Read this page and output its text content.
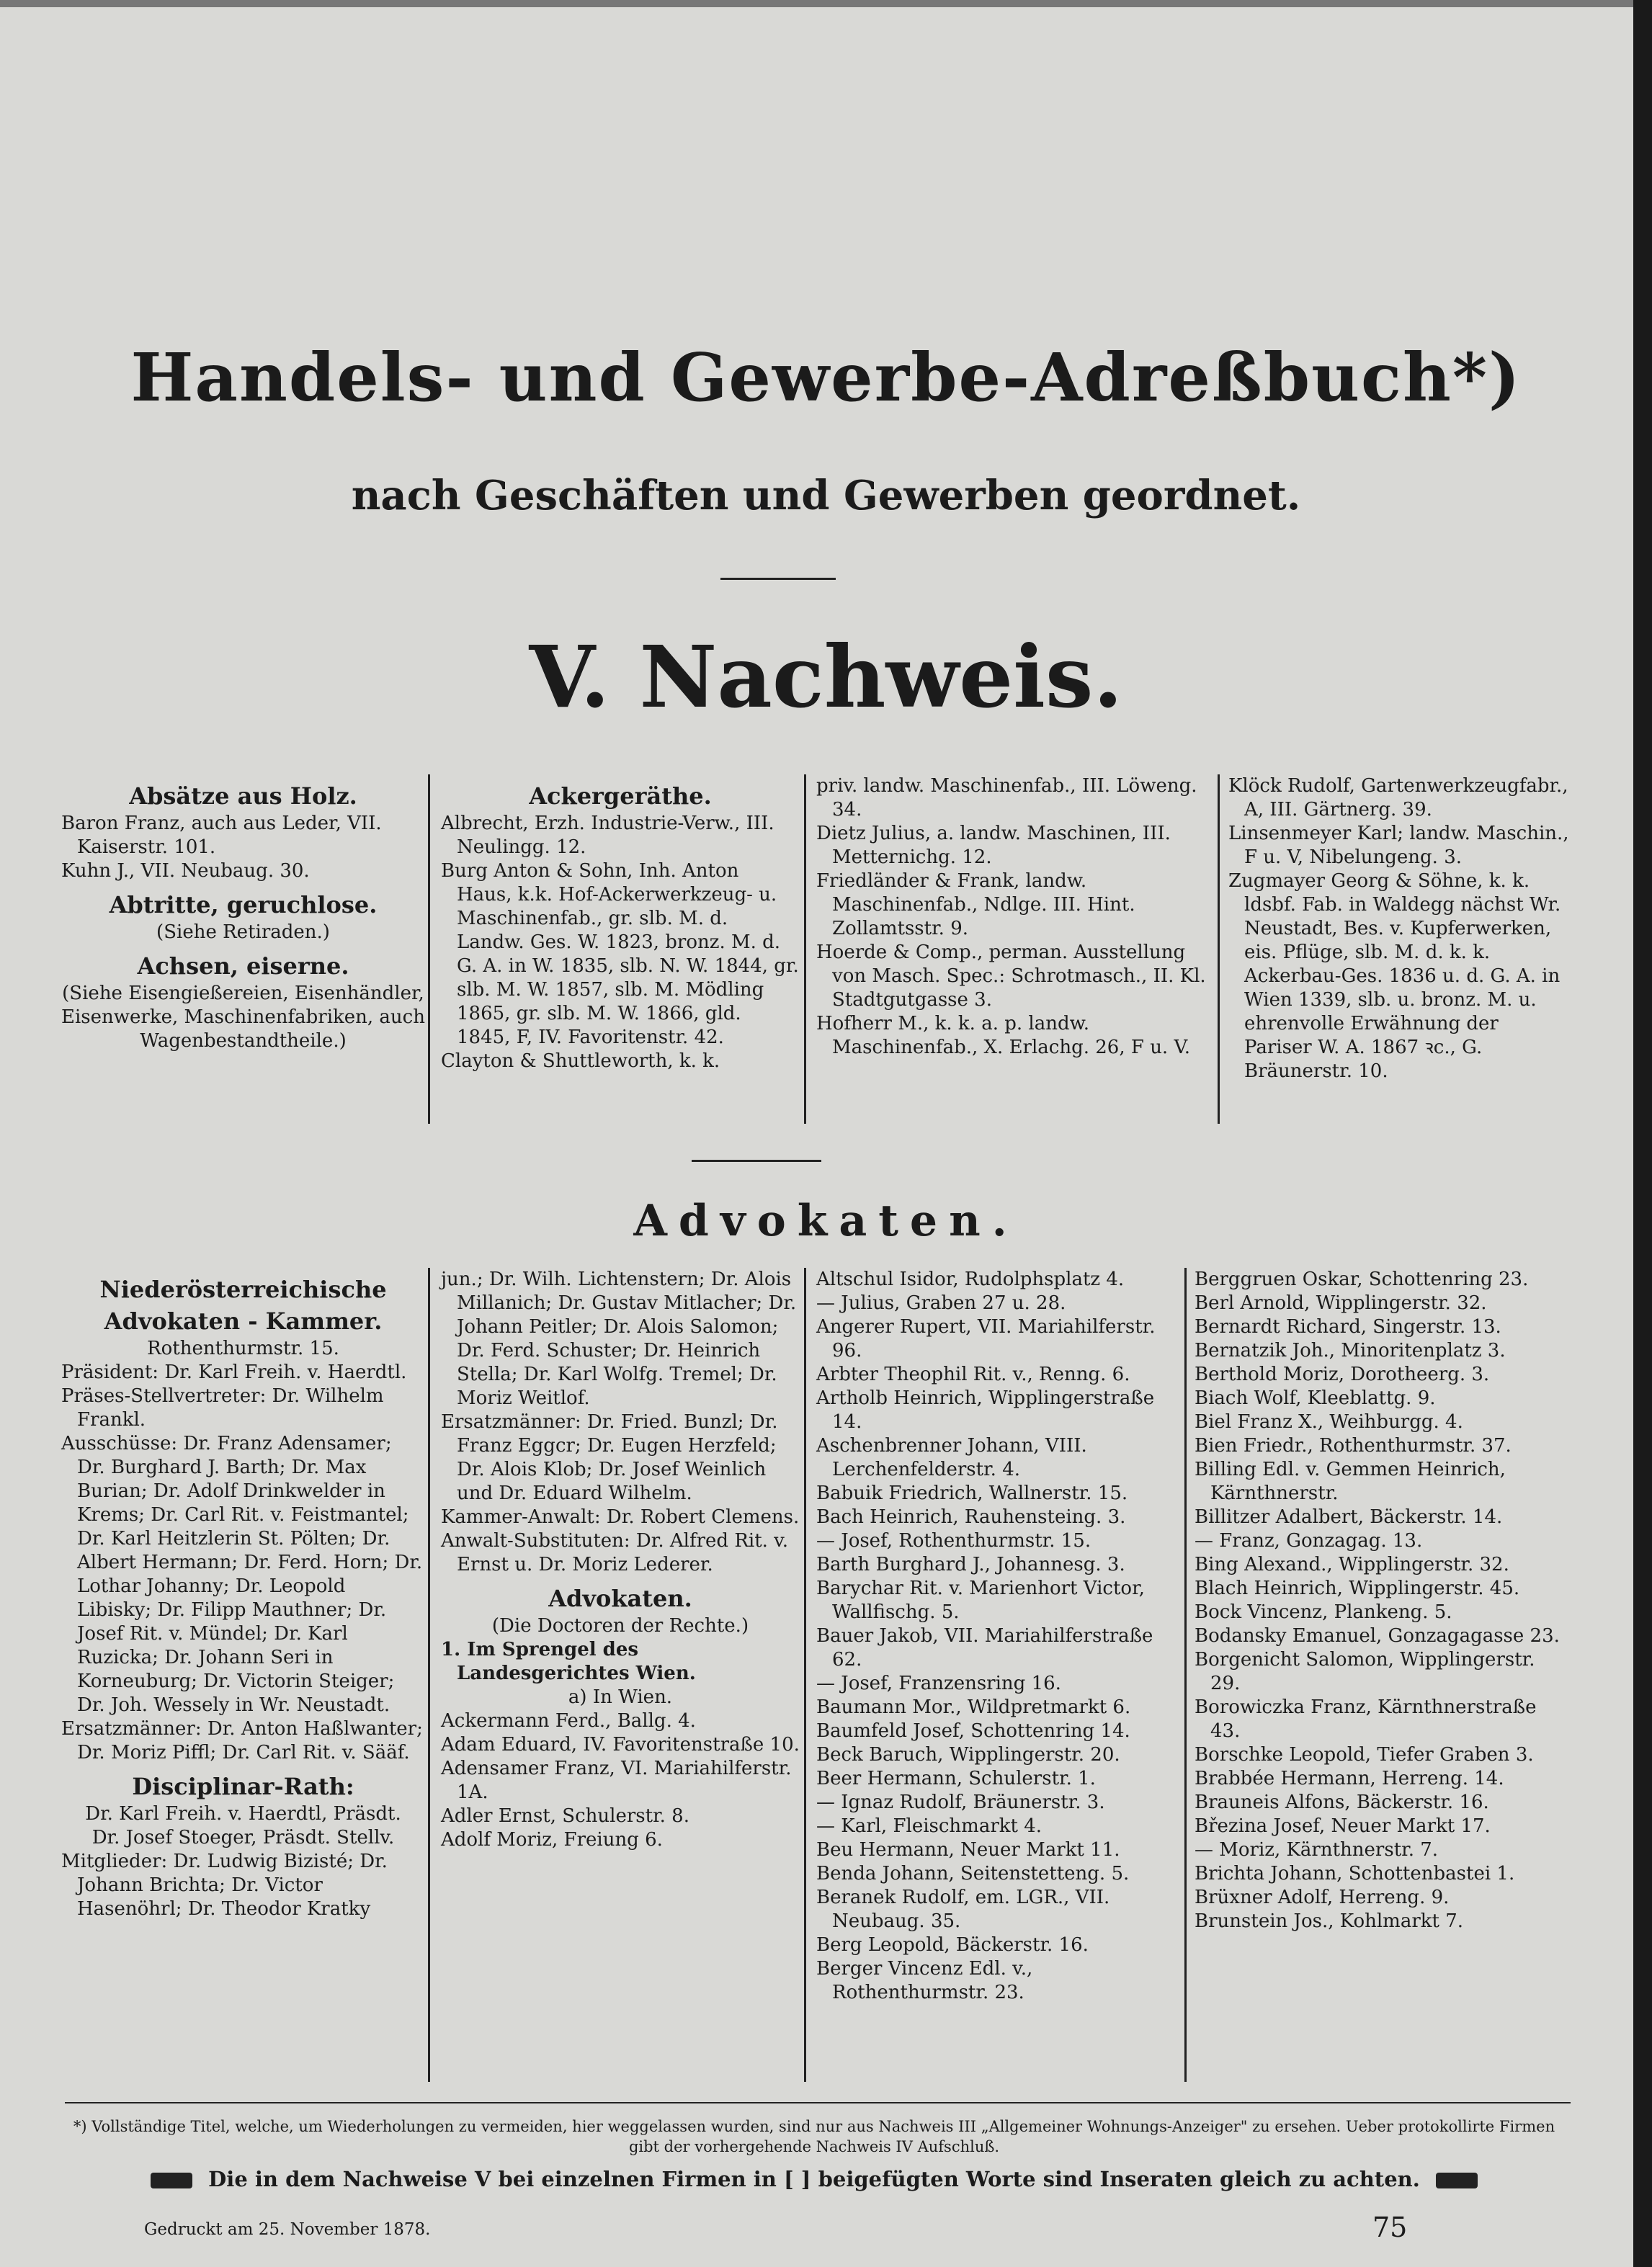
Handels- und Gewerbe-Adreßbuch*)
nach Geschäften und Gewerben geordnet.
V. Nachweis.

Absätze aus Holz.

Baron Franz, auch aus Leder, VII. Kaiserstr. 101.

Kuhn J., VII. Neubaug. 30.

Abtritte, geruchlose.

(Siehe Retiraden.)

Achsen, eiserne.

(Siehe Eisengießereien, Eisenhändler, Eisenwerke, Maschinenfabriken, auch Wagenbestandtheile.)

Ackergeräthe.

Albrecht, Erzh. Industrie-Verw., III. Neulingg. 12.

Burg Anton & Sohn, Inh. Anton Haus, k.k. Hof-Ackerwerkzeug- u. Maschinenfab., gr. slb. M. d. Landw. Ges. W. 1823, bronz. M. d. G. A. in W. 1835, slb. N. W. 1844, gr. slb. M. W. 1857, slb. M. Mödling 1865, gr. slb. M. W. 1866, gld. 1845, F, IV. Favoritenstr. 42.

Clayton & Shuttleworth, k. k.

priv. landw. Maschinenfab., III. Löweng. 34.

Dietz Julius, a. landw. Maschinen, III. Metternichg. 12.

Friedländer & Frank, landw. Maschinenfab., Ndlge. III. Hint. Zollamtsstr. 9.

Hoerde & Comp., perman. Ausstellung von Masch. Spec.: Schrotmasch., II. Kl. Stadtgutgasse 3.

Hofherr M., k. k. a. p. landw. Maschinenfab., X. Erlachg. 26, F u. V.

Klöck Rudolf, Gartenwerkzeugfabr., A, III. Gärtnerg. 39.

Linsenmeyer Karl; landw. Maschin., F u. V, Nibelungeng. 3.

Zugmayer Georg & Söhne, k. k. ldsbf. Fab. in Waldegg nächst Wr. Neustadt, Bes. v. Kupferwerken, eis. Pflüge, slb. M. d. k. k. Ackerbau-Ges. 1836 u. d. G. A. in Wien 1339, slb. u. bronz. M. u. ehrenvolle Erwähnung der Pariser W. A. 1867 ꝛc., G. Bräunerstr. 10.

Advokaten.

Niederösterreichische Advokaten - Kammer.

Rothenthurmstr. 15.

Präsident: Dr. Karl Freih. v. Haerdtl.

Präses-Stellvertreter: Dr. Wilhelm Frankl.

Ausschüsse: Dr. Franz Adensamer; Dr. Burghard J. Barth; Dr. Max Burian; Dr. Adolf Drinkwelder in Krems; Dr. Carl Rit. v. Feistmantel; Dr. Karl Heitzlerin St. Pölten; Dr. Albert Hermann; Dr. Ferd. Horn; Dr. Lothar Johanny; Dr. Leopold Libisky; Dr. Filipp Mauthner; Dr. Josef Rit. v. Mündel; Dr. Karl Ruzicka; Dr. Johann Seri in Korneuburg; Dr. Victorin Steiger; Dr. Joh. Wessely in Wr. Neustadt.

Ersatzmänner: Dr. Anton Haßlwanter; Dr. Moriz Piffl; Dr. Carl Rit. v. Sääf.

Disciplinar-Rath:

Dr. Karl Freih. v. Haerdtl, Präsdt.

Dr. Josef Stoeger, Präsdt. Stellv.

Mitglieder: Dr. Ludwig Bizisté; Dr. Johann Brichta; Dr. Victor Hasenöhrl; Dr. Theodor Kratky

jun.; Dr. Wilh. Lichtenstern; Dr. Alois Millanich; Dr. Gustav Mitlacher; Dr. Johann Peitler; Dr. Alois Salomon; Dr. Ferd. Schuster; Dr. Heinrich Stella; Dr. Karl Wolfg. Tremel; Dr. Moriz Weitlof.

Ersatzmänner: Dr. Fried. Bunzl; Dr. Franz Eggcr; Dr. Eugen Herzfeld; Dr. Alois Klob; Dr. Josef Weinlich und Dr. Eduard Wilhelm.

Kammer-Anwalt: Dr. Robert Clemens.

Anwalt-Substituten: Dr. Alfred Rit. v. Ernst u. Dr. Moriz Lederer.

Advokaten.

(Die Doctoren der Rechte.)

1. Im Sprengel des Landesgerichtes Wien.

a) In Wien.

Ackermann Ferd., Ballg. 4.

Adam Eduard, IV. Favoritenstraße 10.

Adensamer Franz, VI. Mariahilferstr. 1A.

Adler Ernst, Schulerstr. 8.

Adolf Moriz, Freiung 6.

Altschul Isidor, Rudolphsplatz 4.

— Julius, Graben 27 u. 28.

Angerer Rupert, VII. Mariahilferstr. 96.

Arbter Theophil Rit. v., Renng. 6.

Artholb Heinrich, Wipplingerstraße 14.

Aschenbrenner Johann, VIII. Lerchenfelderstr. 4.

Babuik Friedrich, Wallnerstr. 15.

Bach Heinrich, Rauhensteing. 3.

— Josef, Rothenthurmstr. 15.

Barth Burghard J., Johannesg. 3.

Barychar Rit. v. Marienhort Victor, Wallfischg. 5.

Bauer Jakob, VII. Mariahilferstraße 62.

— Josef, Franzensring 16.

Baumann Mor., Wildpretmarkt 6.

Baumfeld Josef, Schottenring 14.

Beck Baruch, Wipplingerstr. 20.

Beer Hermann, Schulerstr. 1.

— Ignaz Rudolf, Bräunerstr. 3.

— Karl, Fleischmarkt 4.

Beu Hermann, Neuer Markt 11.

Benda Johann, Seitenstetteng. 5.

Beranek Rudolf, em. LGR., VII. Neubaug. 35.

Berg Leopold, Bäckerstr. 16.

Berger Vincenz Edl. v., Rothenthurmstr. 23.

Berggruen Oskar, Schottenring 23.

Berl Arnold, Wipplingerstr. 32.

Bernardt Richard, Singerstr. 13.

Bernatzik Joh., Minoritenplatz 3.

Berthold Moriz, Dorotheerg. 3.

Biach Wolf, Kleeblattg. 9.

Biel Franz X., Weihburgg. 4.

Bien Friedr., Rothenthurmstr. 37.

Billing Edl. v. Gemmen Heinrich, Kärnthnerstr.

Billitzer Adalbert, Bäckerstr. 14.

— Franz, Gonzagag. 13.

Bing Alexand., Wipplingerstr. 32.

Blach Heinrich, Wipplingerstr. 45.

Bock Vincenz, Plankeng. 5.

Bodansky Emanuel, Gonzagagasse 23.

Borgenicht Salomon, Wipplingerstr. 29.

Borowiczka Franz, Kärnthnerstraße 43.

Borschke Leopold, Tiefer Graben 3.

Brabbée Hermann, Herreng. 14.

Brauneis Alfons, Bäckerstr. 16.

Březina Josef, Neuer Markt 17.

— Moriz, Kärnthnerstr. 7.

Brichta Johann, Schottenbastei 1.

Brüxner Adolf, Herreng. 9.

Brunstein Jos., Kohlmarkt 7.

*) Vollständige Titel, welche, um Wiederholungen zu vermeiden, hier weggelassen wurden, sind nur aus Nachweis III „Allgemeiner Wohnungs-Anzeiger" zu ersehen. Ueber protokollirte Firmen gibt der vorhergehende Nachweis IV Aufschluß.
Die in dem Nachweise V bei einzelnen Firmen in [ ] beigefügten Worte sind Inseraten gleich zu achten.
Gedruckt am 25. November 1878.	75
